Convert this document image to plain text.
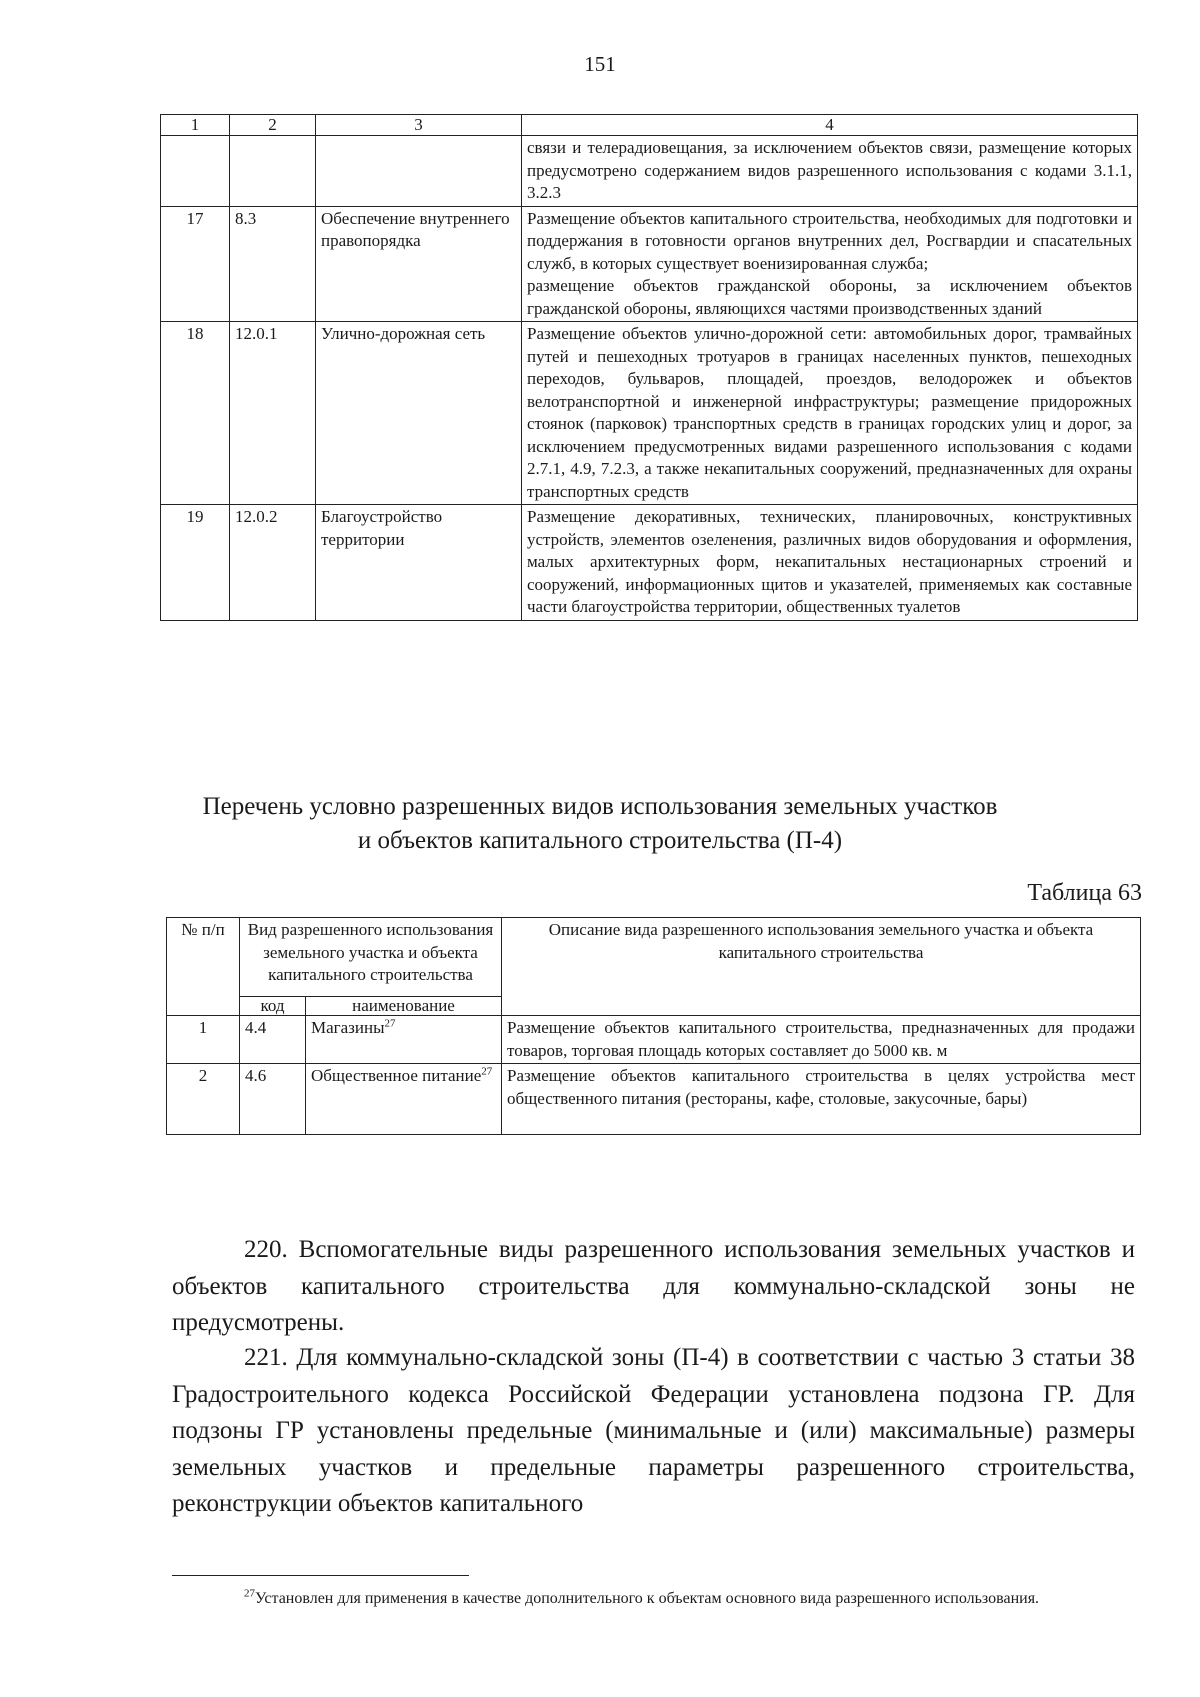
151
1	2	3	4
			связи и телерадиовещания, за исключением объектов связи, размещение которых предусмотрено содержанием видов разрешенного использования с кодами 3.1.1, 3.2.3
17	8.3	Обеспечение внутреннего правопорядка	Размещение объектов капитального строительства, необходимых для подготовки и поддержания в готовности органов внутренних дел, Росгвардии и спасательных служб, в которых существует военизированная служба;
размещение объектов гражданской обороны, за исключением объектов гражданской обороны, являющихся частями производственных зданий

18	12.0.1	Улично-дорожная сеть	Размещение объектов улично-дорожной сети: автомобильных дорог, трамвайных путей и пешеходных тротуаров в границах населенных пунктов, пешеходных переходов, бульваров, площадей, проездов, велодорожек и объектов велотранспортной и инженерной инфраструктуры; размещение придорожных стоянок (парковок) транспортных средств в границах городских улиц и дорог, за исключением предусмотренных видами разрешенного использования с кодами 2.7.1, 4.9, 7.2.3, а также некапитальных сооружений, предназначенных для охраны транспортных средств
19	12.0.2	Благоустройство территории	Размещение декоративных, технических, планировочных, конструктивных устройств, элементов озеленения, различных видов оборудования и оформления, малых архитектурных форм, некапитальных нестационарных строений и сооружений, информационных щитов и указателей, применяемых как составные части благоустройства территории, общественных туалетов
Перечень условно разрешенных видов использования земельных участков
и объектов капитального строительства (П-4)
Таблица 63
№ п/п	Вид разрешенного использования земельного участка и объекта капитального строительства		Описание вида разрешенного использования земельного участка и объекта капитального строительства
	код	наименование	
1	4.4	Магазины$^{27}$	Размещение объектов капитального строительства, предназначенных для продажи товаров, торговая площадь которых составляет до 5000 кв. м
2	4.6	Общественное питание$^{27}$	Размещение объектов капитального строительства в целях устройства мест общественного питания (рестораны, кафе, столовые, закусочные, бары)

220. Вспомогательные виды разрешенного использования земельных участков и объектов капитального строительства для коммунально-складской зоны не предусмотрены.

221. Для коммунально-складской зоны (П-4) в соответствии с частью 3 статьи 38 Градостроительного кодекса Российской Федерации установлена подзона ГР. Для подзоны ГР установлены предельные (минимальные и (или) максимальные) размеры земельных участков и предельные параметры разрешенного строительства, реконструкции объектов капитального

$^{27}$Установлен для применения в качестве дополнительного к объектам основного вида разрешенного использования.
